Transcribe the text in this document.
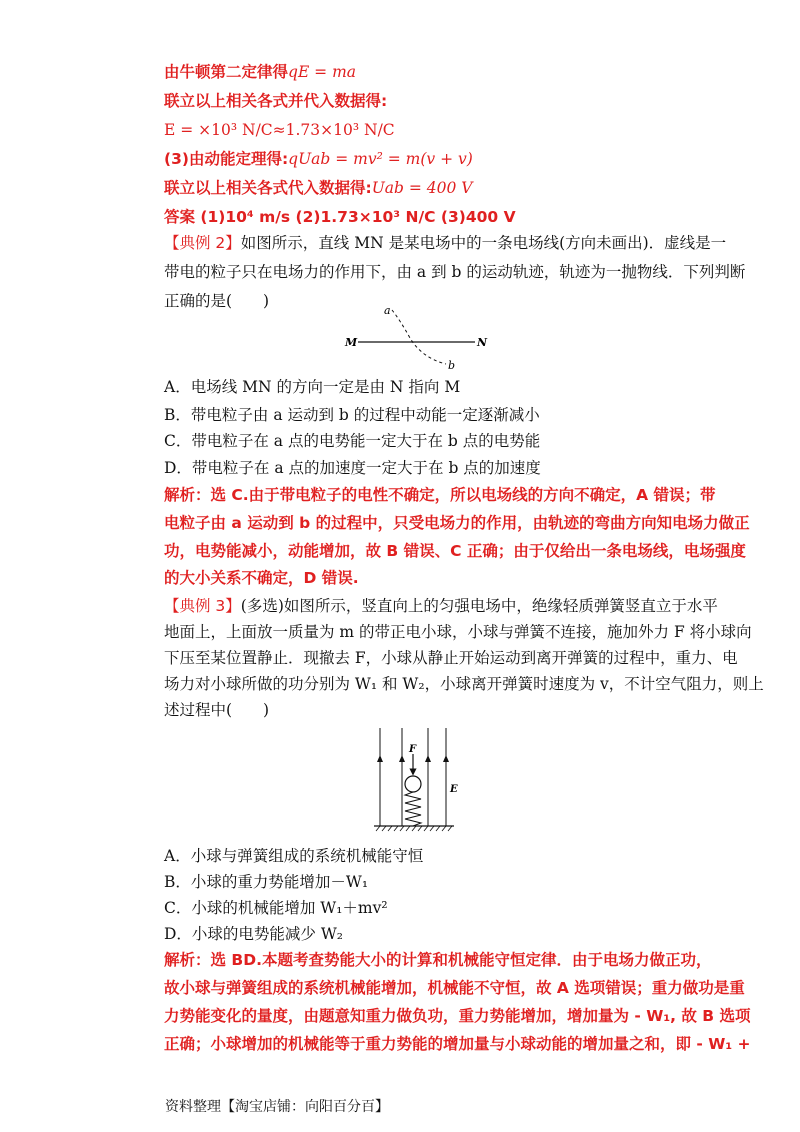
由牛顿第二定律得qE = ma
联立以上相关各式并代入数据得:
E = ×10³ N/C≈1.73×10³ N/C
(3)由动能定理得:qUab = mv² = m(v + v)
联立以上相关各式代入数据得:Uab = 400 V
答案 (1)10⁴ m/s (2)1.73×10³ N/C (3)400 V
【典例 2】如图所示，直线 MN 是某电场中的一条电场线(方向未画出)．虚线是一
带电的粒子只在电场力的作用下，由 a 到 b 的运动轨迹，轨迹为一抛物线．下列判断
正确的是(　　)
a
b
M	N
A．电场线 MN 的方向一定是由 N 指向 M
B．带电粒子由 a 运动到 b 的过程中动能一定逐渐减小
C．带电粒子在 a 点的电势能一定大于在 b 点的电势能
D．带电粒子在 a 点的加速度一定大于在 b 点的加速度
解析：选 C.由于带电粒子的电性不确定，所以电场线的方向不确定，A 错误；带
电粒子由 a 运动到 b 的过程中，只受电场力的作用，由轨迹的弯曲方向知电场力做正
功，电势能减小，动能增加，故 B 错误、C 正确；由于仅给出一条电场线，电场强度
的大小关系不确定，D 错误.
【典例 3】(多选)如图所示，竖直向上的匀强电场中，绝缘轻质弹簧竖直立于水平
地面上，上面放一质量为 m 的带正电小球，小球与弹簧不连接，施加外力 F 将小球向
下压至某位置静止．现撤去 F，小球从静止开始运动到离开弹簧的过程中，重力、电
场力对小球所做的功分别为 W₁ 和 W₂，小球离开弹簧时速度为 v，不计空气阻力，则上
述过程中(　　)
F
E
A．小球与弹簧组成的系统机械能守恒
B．小球的重力势能增加－W₁
C．小球的机械能增加 W₁＋mv²
D．小球的电势能减少 W₂
解析：选 BD.本题考查势能大小的计算和机械能守恒定律．由于电场力做正功，
故小球与弹簧组成的系统机械能增加，机械能不守恒，故 A 选项错误；重力做功是重
力势能变化的量度，由题意知重力做负功，重力势能增加，增加量为 - W₁, 故 B 选项
正确；小球增加的机械能等于重力势能的增加量与小球动能的增加量之和，即 - W₁ +
资料整理【淘宝店铺：向阳百分百】
